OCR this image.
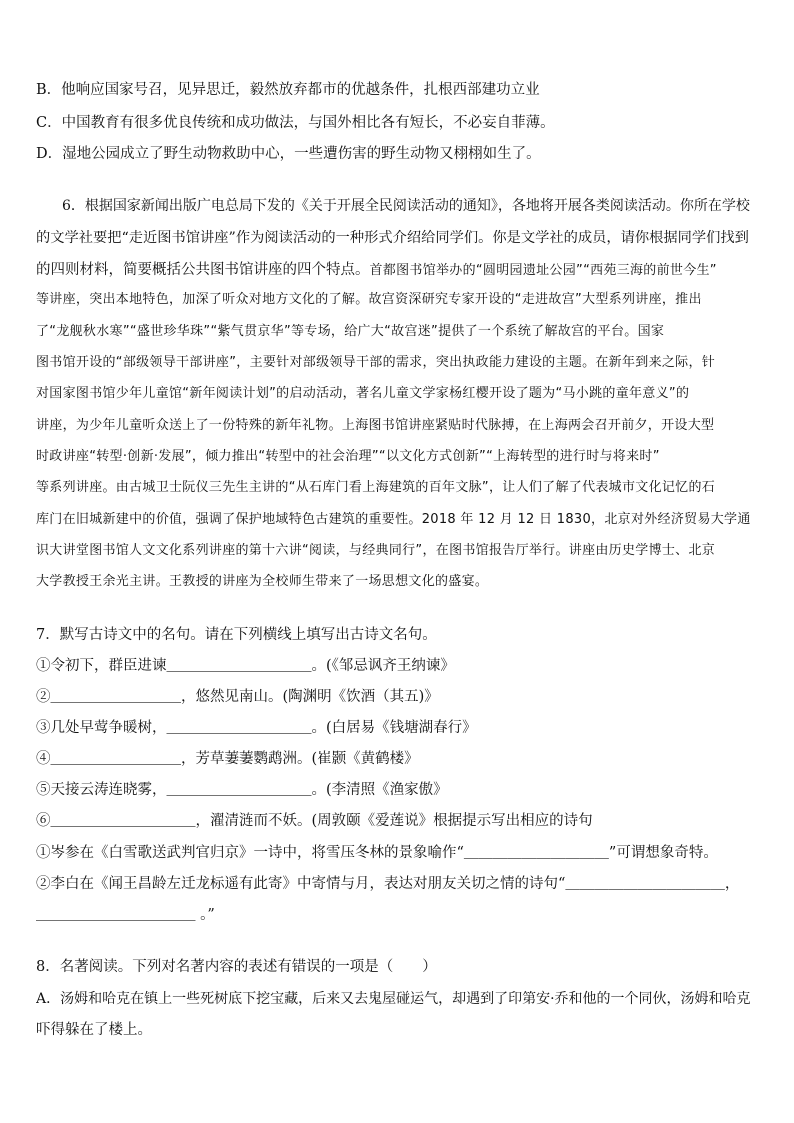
B．他响应国家号召，见异思迁，毅然放弃都市的优越条件，扎根西部建功立业
C．中国教育有很多优良传统和成功做法，与国外相比各有短长，不必妄自菲薄。
D．湿地公园成立了野生动物救助中心，一些遭伤害的野生动物又栩栩如生了。
6．根据国家新闻出版广电总局下发的《关于开展全民阅读活动的通知》，各地将开展各类阅读活动。你所在学校
的文学社要把“走近图书馆讲座”作为阅读活动的一种形式介绍给同学们。你是文学社的成员，请你根据同学们找到
的四则材料，简要概括公共图书馆讲座的四个特点。首都图书馆举办的“圆明园遗址公园”“西苑三海的前世今生”
等讲座，突出本地特色，加深了听众对地方文化的了解。故宫资深研究专家开设的“走进故宫”大型系列讲座，推出
了“龙舰秋水寒”“盛世珍华珠”“紫气贯京华”等专场，给广大“故宫迷”提供了一个系统了解故宫的平台。国家
图书馆开设的“部级领导干部讲座”，主要针对部级领导干部的需求，突出执政能力建设的主题。在新年到来之际，针
对国家图书馆少年儿童馆“新年阅读计划”的启动活动，著名儿童文学家杨红樱开设了题为“马小跳的童年意义”的
讲座，为少年儿童听众送上了一份特殊的新年礼物。上海图书馆讲座紧贴时代脉搏，在上海两会召开前夕，开设大型
时政讲座“转型·创新·发展”，倾力推出“转型中的社会治理”“以文化方式创新”“上海转型的进行时与将来时”
等系列讲座。由古城卫士阮仪三先生主讲的“从石库门看上海建筑的百年文脉”，让人们了解了代表城市文化记忆的石
库门在旧城新建中的价值，强调了保护地域特色古建筑的重要性。2018 年 12 月 12 日 1830，北京对外经济贸易大学通
识大讲堂图书馆人文文化系列讲座的第十六讲“阅读，与经典同行”，在图书馆报告厅举行。讲座由历史学博士、北京
大学教授王余光主讲。王教授的讲座为全校师生带来了一场思想文化的盛宴。
7．默写古诗文中的名句。请在下列横线上填写出古诗文名句。
①令初下，群臣进谏＿＿＿＿＿＿＿＿＿＿。(《邹忌讽齐王纳谏》
②＿＿＿＿＿＿＿＿＿，悠然见南山。(陶渊明《饮酒（其五)》
③几处早莺争暖树，＿＿＿＿＿＿＿＿＿＿。(白居易《钱塘湖春行》
④＿＿＿＿＿＿＿＿＿，芳草萋萋鹦鹉洲。(崔颢《黄鹤楼》
⑤天接云涛连晓雾，＿＿＿＿＿＿＿＿＿＿。(李清照《渔家傲》
⑥＿＿＿＿＿＿＿＿＿＿，濯清涟而不妖。(周敦颐《爱莲说》根据提示写出相应的诗句
①岑参在《白雪歌送武判官归京》一诗中，将雪压冬林的景象喻作“＿＿＿＿＿＿＿＿＿＿”可谓想象奇特。
②李白在《闻王昌龄左迁龙标遥有此寄》中寄情与月，表达对朋友关切之情的诗句“＿＿＿＿＿＿＿＿＿＿＿，
＿＿＿＿＿＿＿＿＿＿＿ 。”
8．名著阅读。下列对名著内容的表述有错误的一项是（　　）
A．汤姆和哈克在镇上一些死树底下挖宝藏，后来又去鬼屋碰运气，却遇到了印第安·乔和他的一个同伙，汤姆和哈克
吓得躲在了楼上。
